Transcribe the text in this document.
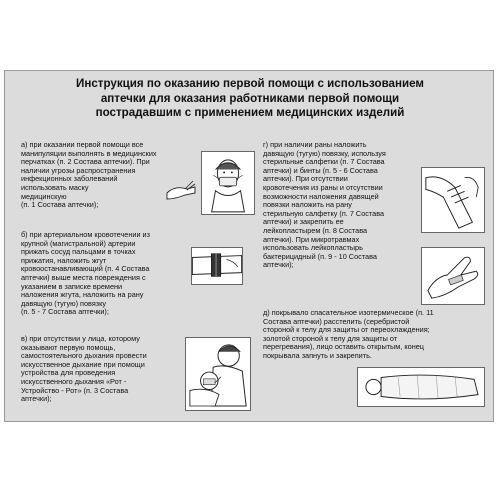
Инструкция по оказанию первой помощи с использованием
аптечки для оказания работниками первой помощи
пострадавшим с применением медицинских изделий

а) при оказании первой помощи все

манипуляции выполнять в медицинских

перчатках (п. 2 Состава аптечки). При

наличии угрозы распространения

инфекционных заболеваний

использовать маску

медицинскую

(п. 1 Состава аптечки);

б) при артериальном кровотечении из

крупной (магистральной) артерии

прижать сосуд пальцами в точках

прижатия, наложить жгут

кровоостанавливающий (п. 4 Состава

аптечки) выше места повреждения с

указанием в записке времени

наложения жгута, наложить на рану

давящую (тугую) повязку

(п. 5 - 7 Состава аптечки);

в) при отсутствии у лица, которому

оказывают первую помощь,

самостоятельного дыхания провести

искусственное дыхание при помощи

устройства для проведения

искусственного дыхания «Рот -

Устройство - Рот» (п. 3 Состава

аптечки);

г) при наличии раны наложить

давящую (тугую) повязку, используя

стерильные салфетки (п. 7 Состава

аптечки) и бинты (п. 5 - 6 Состава

аптечки). При отсутствии

кровотечения из раны и отсутствии

возможности наложения давящей

повязки наложить на рану

стерильную салфетку (п. 7 Состава

аптечки) и закрепить ее

лейкопластырем (п. 8 Состава

аптечки). При микротравмах

использовать лейкопластырь

бактерицидный (п. 9 - 10 Состава

аптечки);

д) покрывало спасательное изотермическое (п. 11

Состава аптечки) расстелить (серебристой

стороной к телу для защиты от переохлаждения;

золотой стороной к телу для защиты от

перегревания), лицо оставить открытым, конец

покрывала запнуть и закрепить.
